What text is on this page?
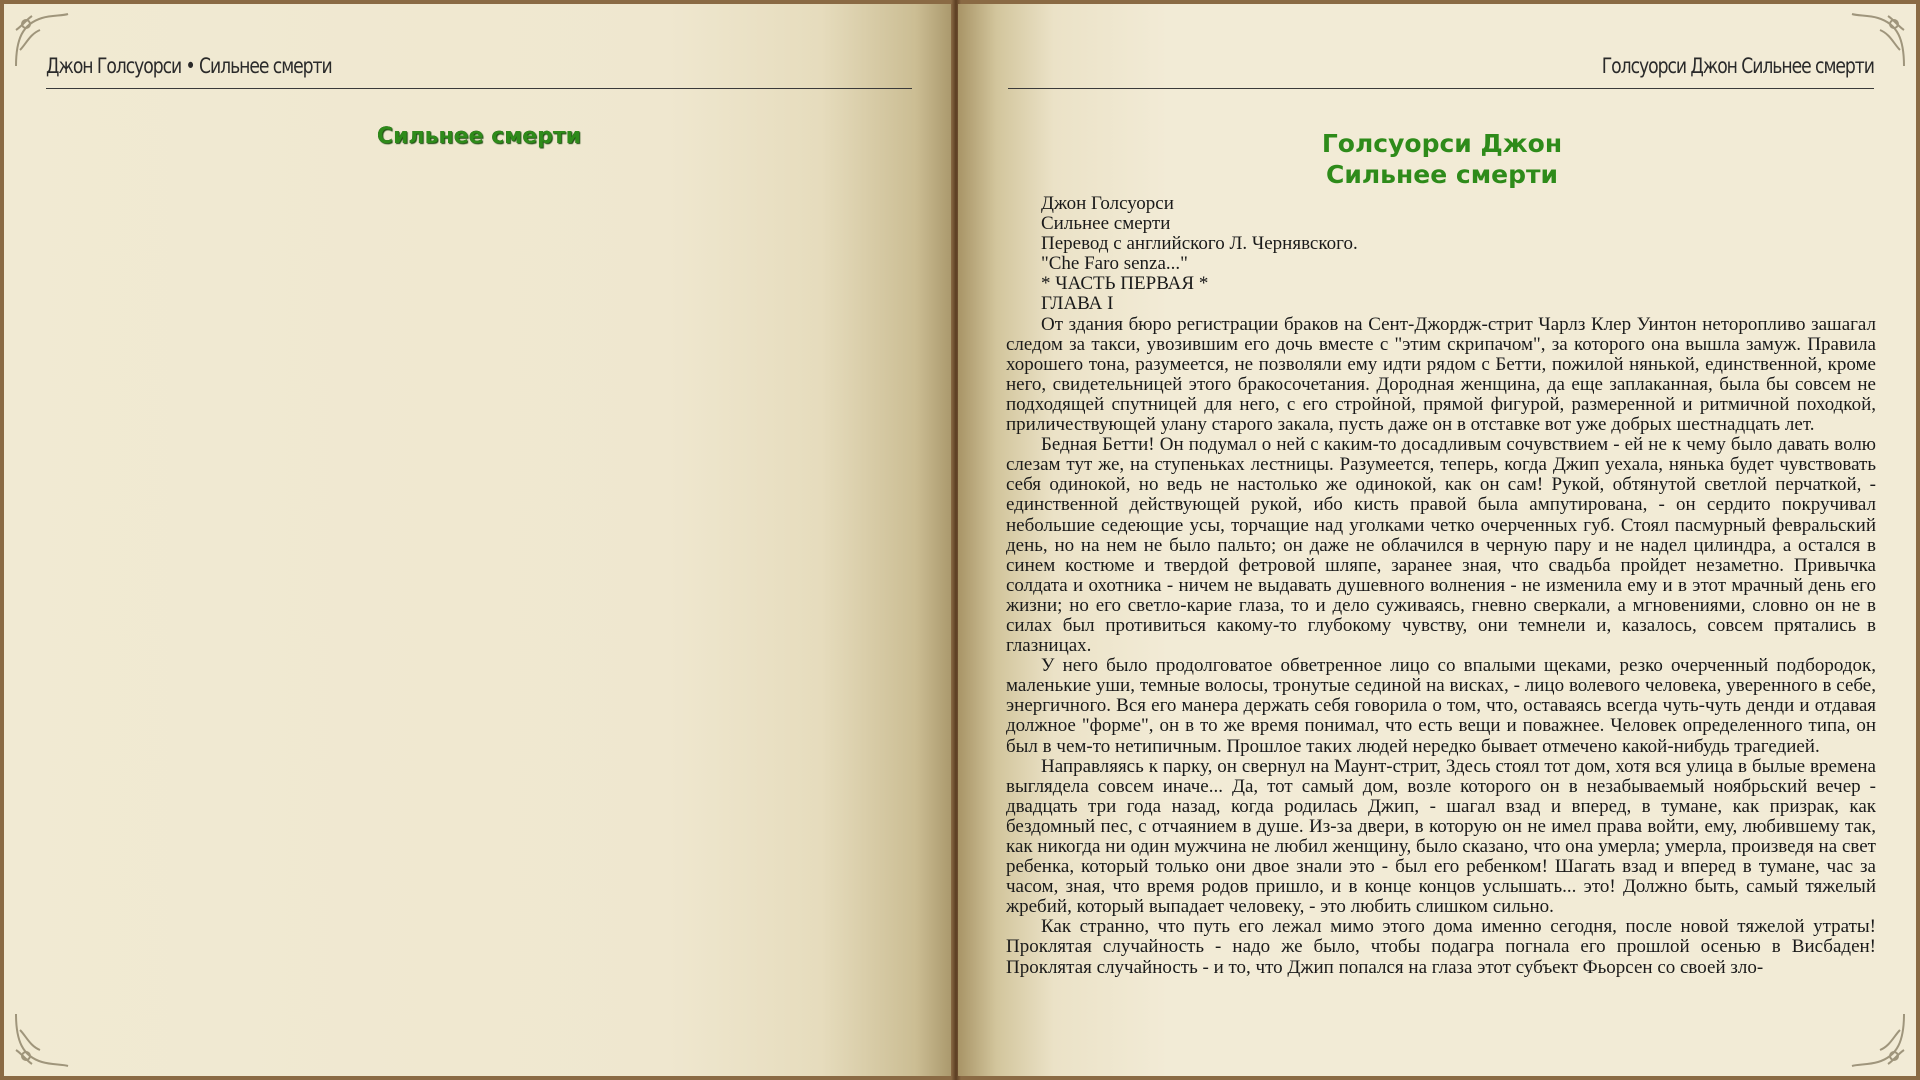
Джон Голсуорси • Сильнее смерти
Сильнее смерти
Голсуорси Джон Сильнее смерти
Голсуорси Джон
Сильнее смерти

Джон Голсуорси

Сильнее смерти

Перевод с английского Л. Чернявского.

"Che Faro senza..."

* ЧАСТЬ ПЕРВАЯ *

ГЛАВА I

От здания бюро регистрации браков на Сент-Джордж-стрит Чарлз Клер Уинтон неторопливо зашагал следом за такси, увозившим его дочь вместе с "этим скрипачом", за которого она вышла замуж. Правила хорошего тона, разумеется, не позволяли ему идти рядом с Бетти, пожилой нянькой, единственной, кроме него, свидетельницей этого бракосочетания. Дородная женщина, да еще заплаканная, была бы совсем не подходящей спутницей для него, с его стройной, прямой фигурой, размеренной и ритмичной походкой, приличествующей улану старого закала, пусть даже он в отставке вот уже добрых шестнадцать лет.

Бедная Бетти! Он подумал о ней с каким-то досадливым сочувствием - ей не к чему было давать волю слезам тут же, на ступеньках лестницы. Разумеется, теперь, когда Джип уехала, нянька будет чувствовать себя одинокой, но ведь не настолько же одинокой, как он сам! Рукой, обтянутой светлой перчаткой, - единственной действующей рукой, ибо кисть правой была ампутирована, - он сердито покручивал небольшие седеющие усы, торчащие над уголками четко очерченных губ. Стоял пасмурный февральский день, но на нем не было пальто; он даже не облачился в черную пару и не надел цилиндра, а остался в синем костюме и твердой фетровой шляпе, заранее зная, что свадьба пройдет незаметно. Привычка солдата и охотника - ничем не выдавать душевного волнения - не изменила ему и в этот мрачный день его жизни; но его светло-карие глаза, то и дело суживаясь, гневно сверкали, а мгновениями, словно он не в силах был противиться какому-то глубокому чувству, они темнели и, казалось, совсем прятались в глазницах.

У него было продолговатое обветренное лицо со впалыми щеками, резко очерченный подбородок, маленькие уши, темные волосы, тронутые сединой на висках, - лицо волевого человека, уверенного в себе, энергичного. Вся его манера держать себя говорила о том, что, оставаясь всегда чуть-чуть денди и отдавая должное "форме", он в то же время понимал, что есть вещи и поважнее. Человек определенного типа, он был в чем-то нетипичным. Прошлое таких людей нередко бывает отмечено какой-нибудь трагедией.

Направляясь к парку, он свернул на Маунт-стрит, Здесь стоял тот дом, хотя вся улица в былые времена выглядела совсем иначе... Да, тот самый дом, возле которого он в незабываемый ноябрьский вечер - двадцать три года назад, когда родилась Джип, - шагал взад и вперед, в тумане, как призрак, как бездомный пес, с отчаянием в душе. Из-за двери, в которую он не имел права войти, ему, любившему так, как никогда ни один мужчина не любил женщину, было сказано, что она умерла; умерла, произведя на свет ребенка, который только они двое знали это - был его ребенком! Шагать взад и вперед в тумане, час за часом, зная, что время родов пришло, и в конце концов услышать... это! Должно быть, самый тяжелый жребий, который выпадает человеку, - это любить слишком сильно.

Как странно, что путь его лежал мимо этого дома именно сегодня, после новой тяжелой утраты! Проклятая случайность - надо же было, чтобы подагра погнала его прошлой осенью в Висбаден! Проклятая случайность - и то, что Джип попался на глаза этот субъект Фьорсен со своей зло-
